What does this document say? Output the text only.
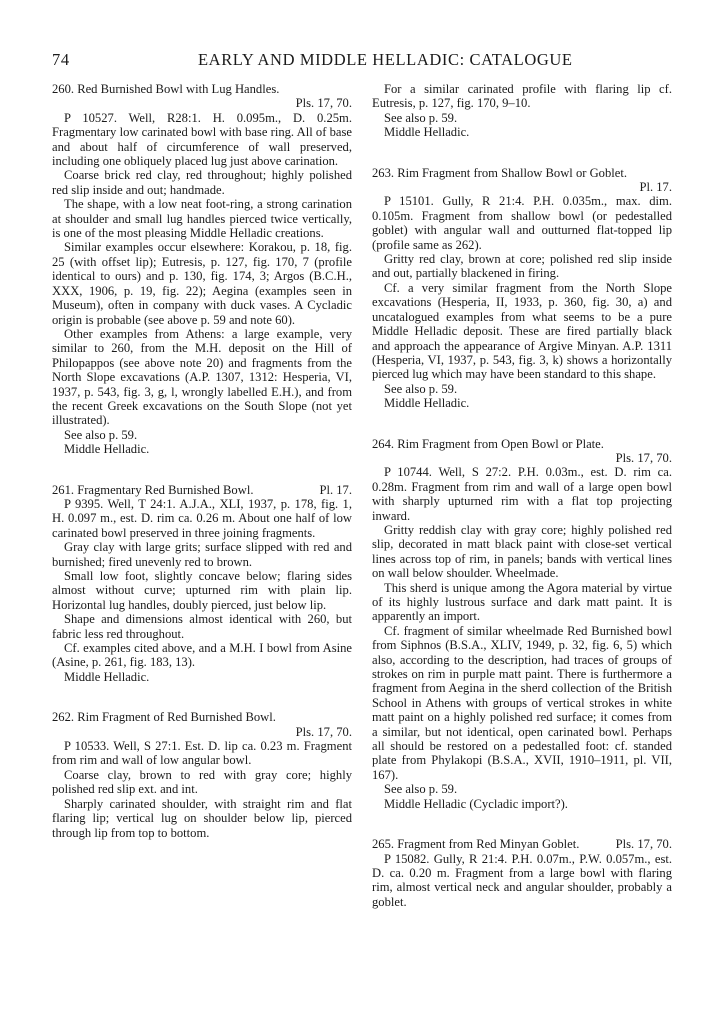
74	EARLY AND MIDDLE HELLADIC: CATALOGUE
260. Red Burnished Bowl with Lug Handles.
Pls. 17, 70.

P 10527. Well, R28:1. H. 0.095m., D. 0.25m. Fragmentary low carinated bowl with base ring. All of base and about half of circumference of wall preserved, including one obliquely placed lug just above carination.

Coarse brick red clay, red throughout; highly polished red slip inside and out; handmade.

The shape, with a low neat foot-ring, a strong carination at shoulder and small lug handles pierced twice vertically, is one of the most pleasing Middle Helladic creations.

Similar examples occur elsewhere: Korakou, p. 18, fig. 25 (with offset lip); Eutresis, p. 127, fig. 170, 7 (profile identical to ours) and p. 130, fig. 174, 3; Argos (B.C.H., XXX, 1906, p. 19, fig. 22); Aegina (examples seen in Museum), often in company with duck vases. A Cycladic origin is probable (see above p. 59 and note 60).

Other examples from Athens: a large example, very similar to 260, from the M.H. deposit on the Hill of Philopappos (see above note 20) and fragments from the North Slope excavations (A.P. 1307, 1312: Hesperia, VI, 1937, p. 543, fig. 3, g, l, wrongly labelled E.H.), and from the recent Greek excavations on the South Slope (not yet illustrated).

See also p. 59.

Middle Helladic.

Pl. 17.
261. Fragmentary Red Burnished Bowl.

P 9395. Well, T 24:1. A.J.A., XLI, 1937, p. 178, fig. 1, H. 0.097 m., est. D. rim ca. 0.26 m. About one half of low carinated bowl preserved in three joining fragments.

Gray clay with large grits; surface slipped with red and burnished; fired unevenly red to brown.

Small low foot, slightly concave below; flaring sides almost without curve; upturned rim with plain lip. Horizontal lug handles, doubly pierced, just below lip.

Shape and dimensions almost identical with 260, but fabric less red throughout.

Cf. examples cited above, and a M.H. I bowl from Asine (Asine, p. 261, fig. 183, 13).

Middle Helladic.

262. Rim Fragment of Red Burnished Bowl.
Pls. 17, 70.

P 10533. Well, S 27:1. Est. D. lip ca. 0.23 m. Fragment from rim and wall of low angular bowl.

Coarse clay, brown to red with gray core; highly polished red slip ext. and int.

Sharply carinated shoulder, with straight rim and flat flaring lip; vertical lug on shoulder below lip, pierced through lip from top to bottom.

For a similar carinated profile with flaring lip cf. Eutresis, p. 127, fig. 170, 9–10.

See also p. 59.

Middle Helladic.

263. Rim Fragment from Shallow Bowl or Goblet.
Pl. 17.

P 15101. Gully, R 21:4. P.H. 0.035m., max. dim. 0.105m. Fragment from shallow bowl (or pedestalled goblet) with angular wall and outturned flat-topped lip (profile same as 262).

Gritty red clay, brown at core; polished red slip inside and out, partially blackened in firing.

Cf. a very similar fragment from the North Slope excavations (Hesperia, II, 1933, p. 360, fig. 30, a) and uncatalogued examples from what seems to be a pure Middle Helladic deposit. These are fired partially black and approach the appearance of Argive Minyan. A.P. 1311 (Hesperia, VI, 1937, p. 543, fig. 3, k) shows a horizontally pierced lug which may have been standard to this shape.

See also p. 59.

Middle Helladic.

264. Rim Fragment from Open Bowl or Plate.
Pls. 17, 70.

P 10744. Well, S 27:2. P.H. 0.03m., est. D. rim ca. 0.28m. Fragment from rim and wall of a large open bowl with sharply upturned rim with a flat top projecting inward.

Gritty reddish clay with gray core; highly polished red slip, decorated in matt black paint with close-set vertical lines across top of rim, in panels; bands with vertical lines on wall below shoulder. Wheelmade.

This sherd is unique among the Agora material by virtue of its highly lustrous surface and dark matt paint. It is apparently an import.

Cf. fragment of similar wheelmade Red Burnished bowl from Siphnos (B.S.A., XLIV, 1949, p. 32, fig. 6, 5) which also, according to the description, had traces of groups of strokes on rim in purple matt paint. There is furthermore a fragment from Aegina in the sherd collection of the British School in Athens with groups of vertical strokes in white matt paint on a highly polished red surface; it comes from a similar, but not identical, open carinated bowl. Perhaps all should be restored on a pedestalled foot: cf. standed plate from Phylakopi (B.S.A., XVII, 1910–1911, pl. VII, 167).

See also p. 59.

Middle Helladic (Cycladic import?).

Pls. 17, 70.
265. Fragment from Red Minyan Goblet.

P 15082. Gully, R 21:4. P.H. 0.07m., P.W. 0.057m., est. D. ca. 0.20 m. Fragment from a large bowl with flaring rim, almost vertical neck and angular shoulder, probably a goblet.
